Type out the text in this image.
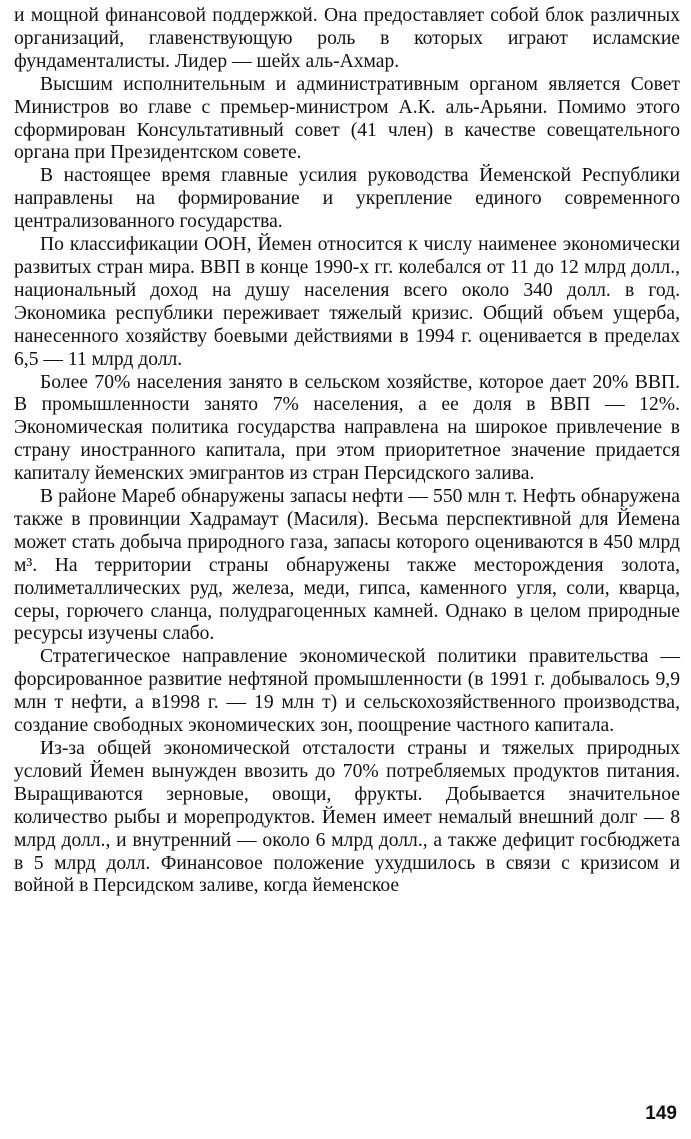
и мощной финансовой поддержкой. Она предоставляет собой блок различных организаций, главенствующую роль в которых играют исламские фундаменталисты. Лидер — шейх аль-Ахмар.

Высшим исполнительным и административным органом является Совет Министров во главе с премьер-министром А.К. аль-Арьяни. Помимо этого сформирован Консультативный совет (41 член) в качестве совещательного органа при Президентском совете.

В настоящее время главные усилия руководства Йеменской Республики направлены на формирование и укрепление единого современного централизованного государства.

По классификации ООН, Йемен относится к числу наименее экономически развитых стран мира. ВВП в конце 1990-х гг. колебался от 11 до 12 млрд долл., национальный доход на душу населения всего около 340 долл. в год. Экономика республики переживает тяжелый кризис. Общий объем ущерба, нанесенного хозяйству боевыми действиями в 1994 г. оценивается в пределах 6,5 — 11 млрд долл.

Более 70% населения занято в сельском хозяйстве, которое дает 20% ВВП. В промышленности занято 7% населения, а ее доля в ВВП — 12%. Экономическая политика государства направлена на широкое привлечение в страну иностранного капитала, при этом приоритетное значение придается капиталу йеменских эмигрантов из стран Персидского залива.

В районе Мареб обнаружены запасы нефти — 550 млн т. Нефть обнаружена также в провинции Хадрамаут (Масиля). Весьма перспективной для Йемена может стать добыча природного газа, запасы которого оцениваются в 450 млрд м³. На территории страны обнаружены также месторождения золота, полиметаллических руд, железа, меди, гипса, каменного угля, соли, кварца, серы, горючего сланца, полудрагоценных камней. Однако в целом природные ресурсы изучены слабо.

Стратегическое направление экономической политики правительства — форсированное развитие нефтяной промышленности (в 1991 г. добывалось 9,9 млн т нефти, а в1998 г. — 19 млн т) и сельскохозяйственного производства, создание свободных экономических зон, поощрение частного капитала.

Из-за общей экономической отсталости страны и тяжелых природных условий Йемен вынужден ввозить до 70% потребляемых продуктов питания. Выращиваются зерновые, овощи, фрукты. Добывается значительное количество рыбы и морепродуктов. Йемен имеет немалый внешний долг — 8 млрд долл., и внутренний — около 6 млрд долл., а также дефицит госбюджета в 5 млрд долл. Финансовое положение ухудшилось в связи с кризисом и войной в Персидском заливе, когда йеменское

149
